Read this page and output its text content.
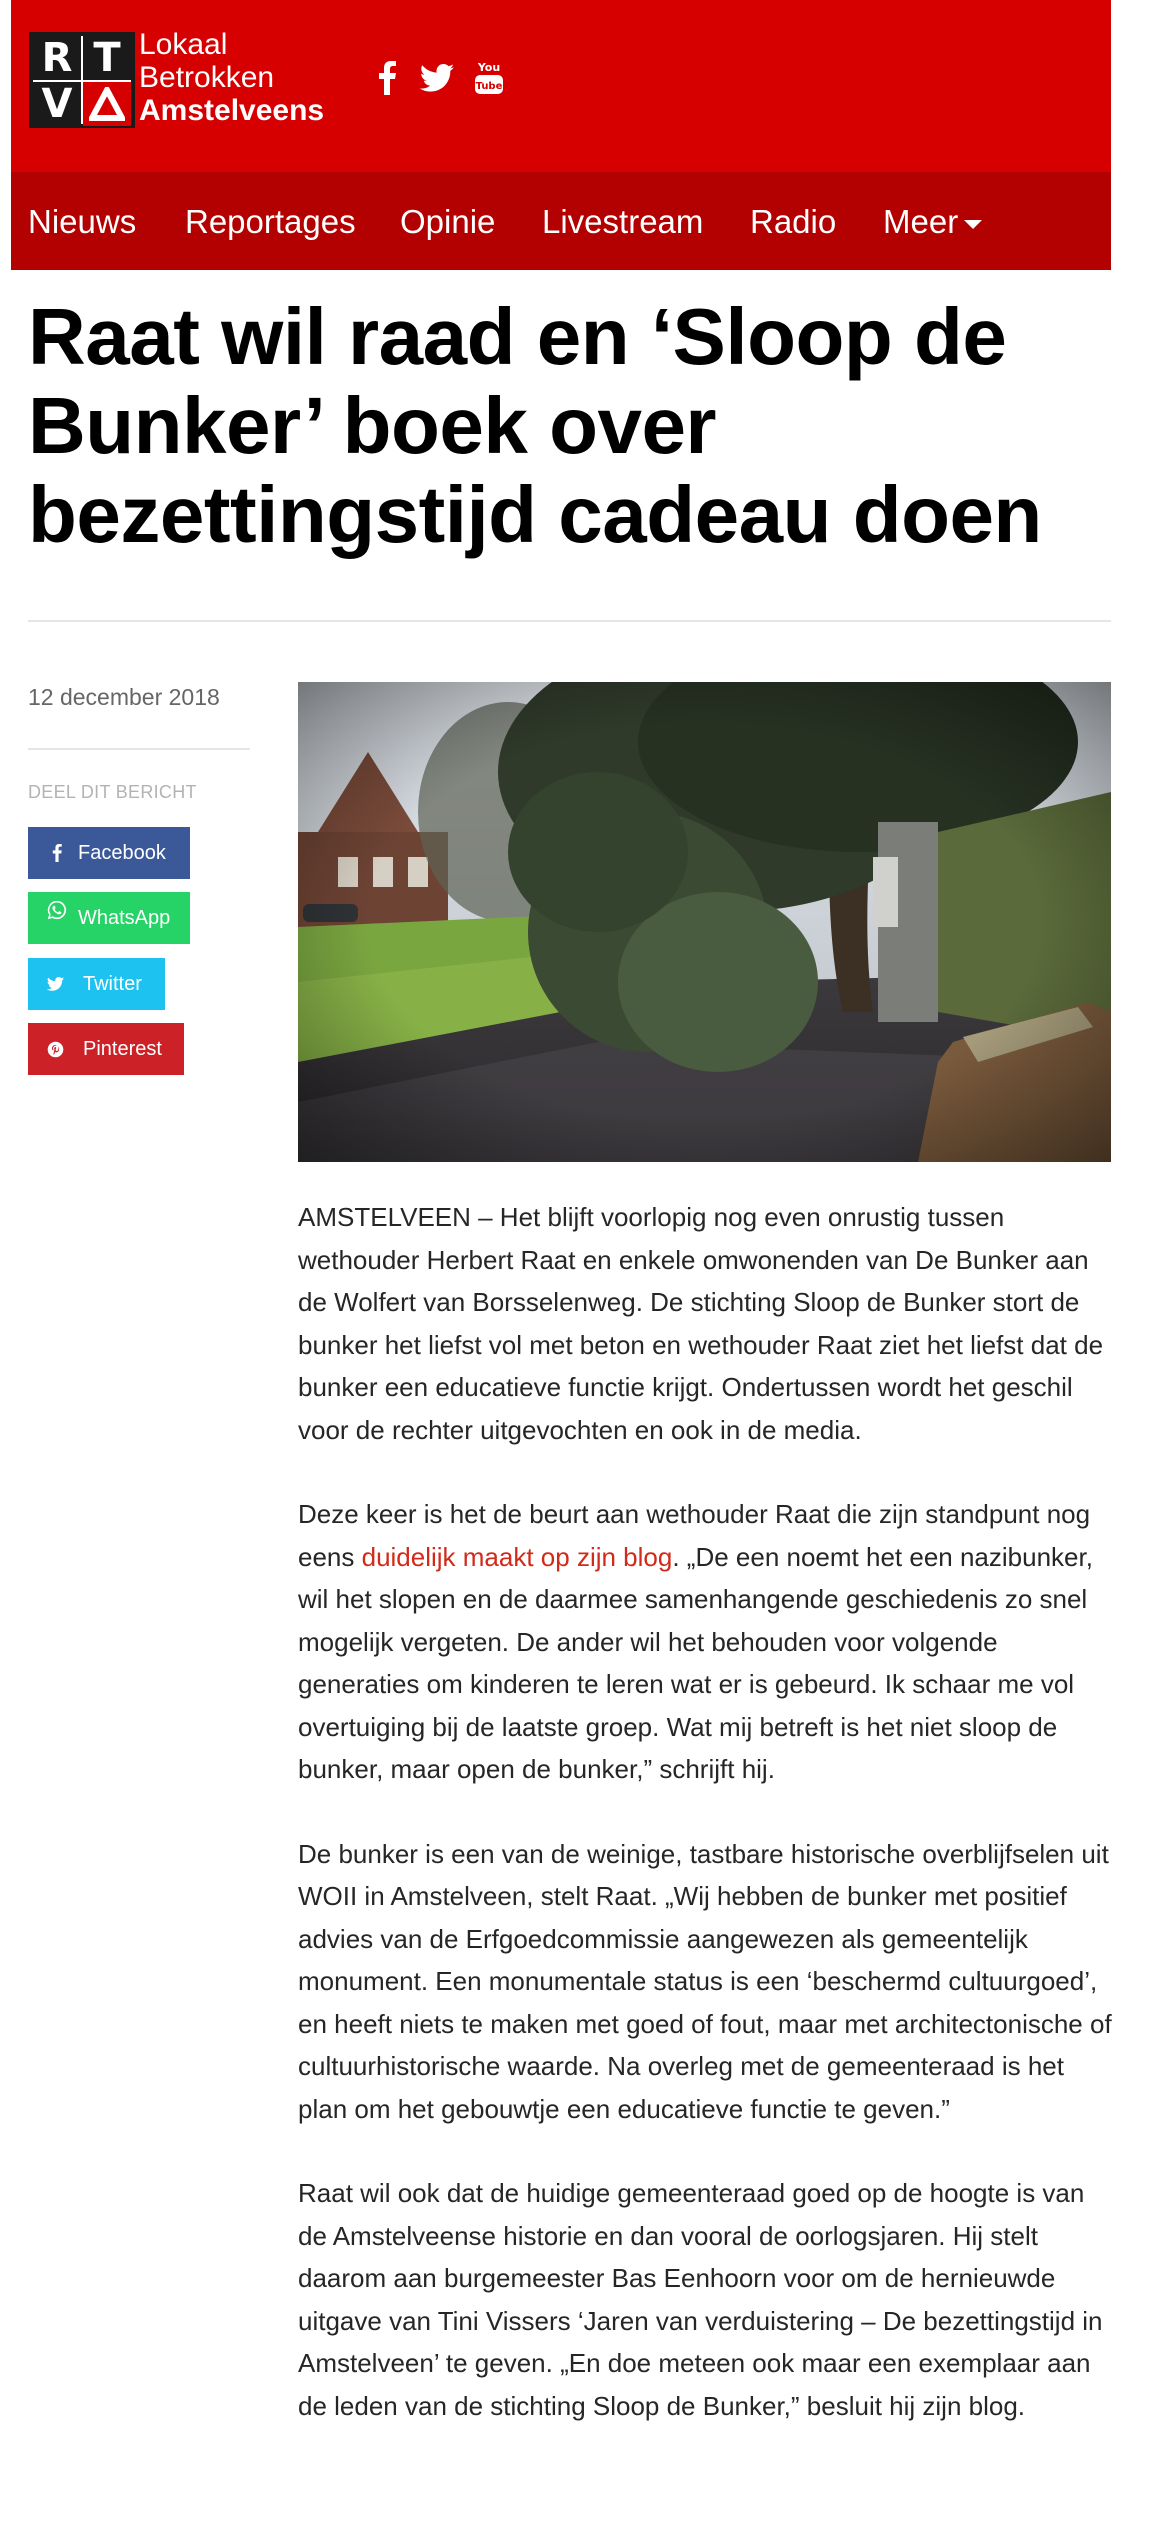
R T
V
Lokaal
Betrokken
Amstelveens
You
Tube
Nieuws Reportages Opinie Livestream Radio Meer
Raat wil raad en ‘Sloop de Bunker’ boek over bezettingstijd cadeau doen
12 december 2018
DEEL DIT BERICHT
Facebook
WhatsApp
Twitter
Pinterest

AMSTELVEEN – Het blijft voorlopig nog even onrustig tussen wethouder Herbert Raat en enkele omwonenden van De Bunker aan de Wolfert van Borsselenweg. De stichting Sloop de Bunker stort de bunker het liefst vol met beton en wethouder Raat ziet het liefst dat de bunker een educatieve functie krijgt. Ondertussen wordt het geschil voor de rechter uitgevochten en ook in de media.

Deze keer is het de beurt aan wethouder Raat die zijn standpunt nog eens duidelijk maakt op zijn blog. „De een noemt het een nazibunker, wil het slopen en de daarmee samenhangende geschiedenis zo snel mogelijk vergeten. De ander wil het behouden voor volgende generaties om kinderen te leren wat er is gebeurd. Ik schaar me vol overtuiging bij de laatste groep. Wat mij betreft is het niet sloop de bunker, maar open de bunker,” schrijft hij.

De bunker is een van de weinige, tastbare historische overblijfselen uit WOII in Amstelveen, stelt Raat. „Wij hebben de bunker met positief advies van de Erfgoedcommissie aangewezen als gemeentelijk monument. Een monumentale status is een ‘beschermd cultuurgoed’, en heeft niets te maken met goed of fout, maar met architectonische of cultuurhistorische waarde. Na overleg met de gemeenteraad is het plan om het gebouwtje een educatieve functie te geven.”

Raat wil ook dat de huidige gemeenteraad goed op de hoogte is van de Amstelveense historie en dan vooral de oorlogsjaren. Hij stelt daarom aan burgemeester Bas Eenhoorn voor om de hernieuwde uitgave van Tini Vissers ‘Jaren van verduistering – De bezettingstijd in Amstelveen’ te geven. „En doe meteen ook maar een exemplaar aan de leden van de stichting Sloop de Bunker,” besluit hij zijn blog.
